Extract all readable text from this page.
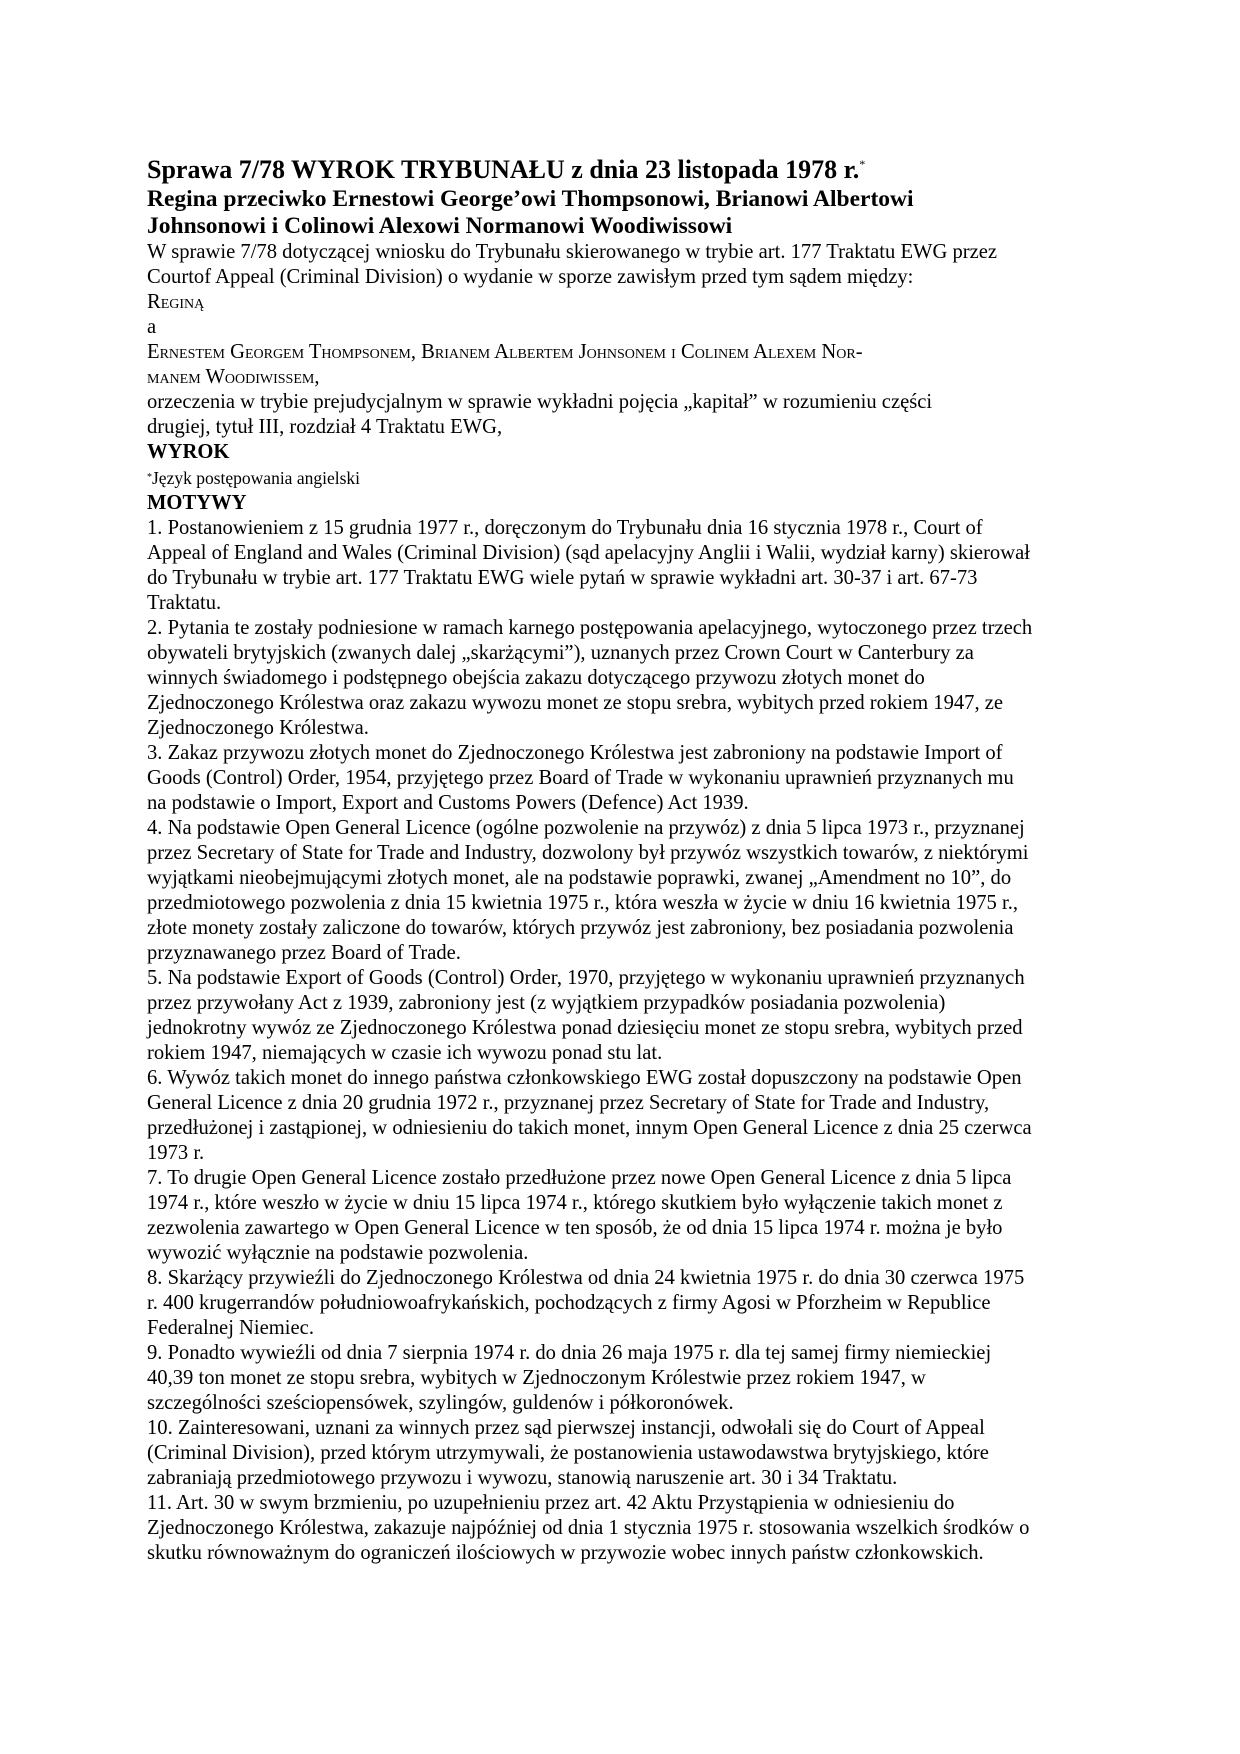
Sprawa 7/78 WYROK TRYBUNAŁU z dnia 23 listopada 1978 r.*
Regina przeciwko Ernestowi George’owi Thompsonowi, Brianowi Albertowi
Johnsonowi i Colinowi Alexowi Normanowi Woodiwissowi
W sprawie 7/78 dotyczącej wniosku do Trybunału skierowanego w trybie art. 177 Traktatu EWG przez
Courtof Appeal (Criminal Division) o wydanie w sporze zawisłym przed tym sądem między:
Reginą
a
Ernestem Georgem Thompsonem, Brianem Albertem Johnsonem i Colinem Alexem Nor-
manem Woodiwissem,
orzeczenia w trybie prejudycjalnym w sprawie wykładni pojęcia „kapitał” w rozumieniu części
drugiej, tytuł III, rozdział 4 Traktatu EWG,
WYROK
*Język postępowania angielski
MOTYWY
1. Postanowieniem z 15 grudnia 1977 r., doręczonym do Trybunału dnia 16 stycznia 1978 r., Court of
Appeal of England and Wales (Criminal Division) (sąd apelacyjny Anglii i Walii, wydział karny) skierował
do Trybunału w trybie art. 177 Traktatu EWG wiele pytań w sprawie wykładni art. 30-37 i art. 67-73
Traktatu.
2. Pytania te zostały podniesione w ramach karnego postępowania apelacyjnego, wytoczonego przez trzech
obywateli brytyjskich (zwanych dalej „skarżącymi”), uznanych przez Crown Court w Canterbury za
winnych świadomego i podstępnego obejścia zakazu dotyczącego przywozu złotych monet do
Zjednoczonego Królestwa oraz zakazu wywozu monet ze stopu srebra, wybitych przed rokiem 1947, ze
Zjednoczonego Królestwa.
3. Zakaz przywozu złotych monet do Zjednoczonego Królestwa jest zabroniony na podstawie Import of
Goods (Control) Order, 1954, przyjętego przez Board of Trade w wykonaniu uprawnień przyznanych mu
na podstawie o Import, Export and Customs Powers (Defence) Act 1939.
4. Na podstawie Open General Licence (ogólne pozwolenie na przywóz) z dnia 5 lipca 1973 r., przyznanej
przez Secretary of State for Trade and Industry, dozwolony był przywóz wszystkich towarów, z niektórymi
wyjątkami nieobejmującymi złotych monet, ale na podstawie poprawki, zwanej „Amendment no 10”, do
przedmiotowego pozwolenia z dnia 15 kwietnia 1975 r., która weszła w życie w dniu 16 kwietnia 1975 r.,
złote monety zostały zaliczone do towarów, których przywóz jest zabroniony, bez posiadania pozwolenia
przyznawanego przez Board of Trade.
5. Na podstawie Export of Goods (Control) Order, 1970, przyjętego w wykonaniu uprawnień przyznanych
przez przywołany Act z 1939, zabroniony jest (z wyjątkiem przypadków posiadania pozwolenia)
jednokrotny wywóz ze Zjednoczonego Królestwa ponad dziesięciu monet ze stopu srebra, wybitych przed
rokiem 1947, niemających w czasie ich wywozu ponad stu lat.
6. Wywóz takich monet do innego państwa członkowskiego EWG został dopuszczony na podstawie Open
General Licence z dnia 20 grudnia 1972 r., przyznanej przez Secretary of State for Trade and Industry,
przedłużonej i zastąpionej, w odniesieniu do takich monet, innym Open General Licence z dnia 25 czerwca
1973 r.
7. To drugie Open General Licence zostało przedłużone przez nowe Open General Licence z dnia 5 lipca
1974 r., które weszło w życie w dniu 15 lipca 1974 r., którego skutkiem było wyłączenie takich monet z
zezwolenia zawartego w Open General Licence w ten sposób, że od dnia 15 lipca 1974 r. można je było
wywozić wyłącznie na podstawie pozwolenia.
8. Skarżący przywieźli do Zjednoczonego Królestwa od dnia 24 kwietnia 1975 r. do dnia 30 czerwca 1975
r. 400 krugerrandów południowoafrykańskich, pochodzących z firmy Agosi w Pforzheim w Republice
Federalnej Niemiec.
9. Ponadto wywieźli od dnia 7 sierpnia 1974 r. do dnia 26 maja 1975 r. dla tej samej firmy niemieckiej
40,39 ton monet ze stopu srebra, wybitych w Zjednoczonym Królestwie przez rokiem 1947, w
szczególności sześciopensówek, szylingów, guldenów i półkoronówek.
10. Zainteresowani, uznani za winnych przez sąd pierwszej instancji, odwołali się do Court of Appeal
(Criminal Division), przed którym utrzymywali, że postanowienia ustawodawstwa brytyjskiego, które
zabraniają przedmiotowego przywozu i wywozu, stanowią naruszenie art. 30 i 34 Traktatu.
11. Art. 30 w swym brzmieniu, po uzupełnieniu przez art. 42 Aktu Przystąpienia w odniesieniu do
Zjednoczonego Królestwa, zakazuje najpóźniej od dnia 1 stycznia 1975 r. stosowania wszelkich środków o
skutku równoważnym do ograniczeń ilościowych w przywozie wobec innych państw członkowskich.
